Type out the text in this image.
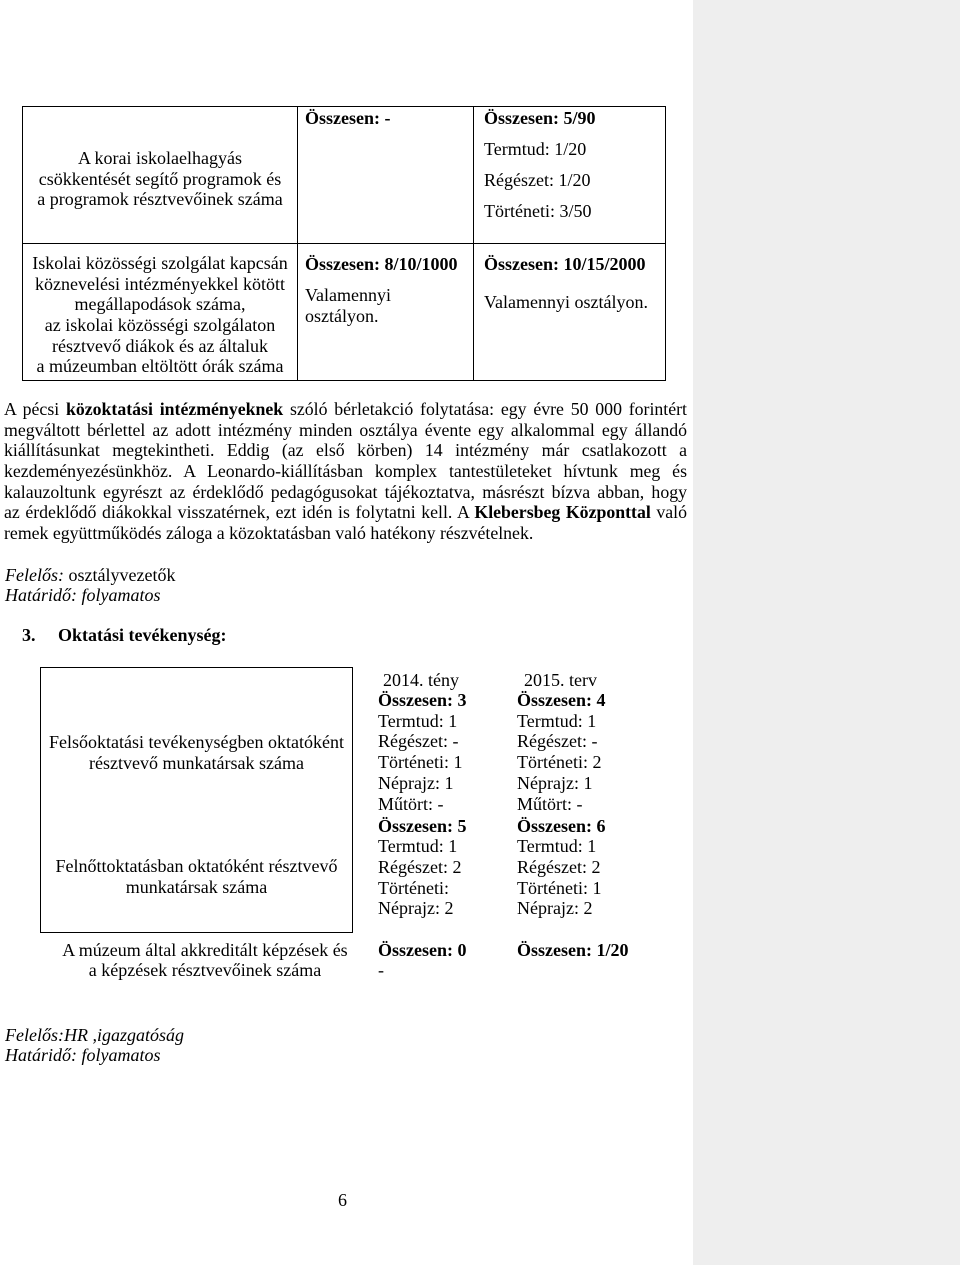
A korai iskolaelhagyás
csökkentését segítő programok és
a programok résztvevőinek száma
Összesen: -	Összesen: 5/90
Termtud: 1/20
Régészet: 1/20
Történeti: 3/50
Iskolai közösségi szolgálat kapcsán
köznevelési intézményekkel kötött
megállapodások száma,
az iskolai közösségi szolgálaton
résztvevő diákok és az általuk
a múzeumban eltöltött órák száma
Összesen: 8/10/1000
Valamennyi
osztályon.
Összesen: 10/15/2000
Valamennyi osztályon.
A pécsi közoktatási intézményeknek szóló bérletakció folytatása: egy évre 50 000 forintért
megváltott bérlettel az adott intézmény minden osztálya évente egy alkalommal egy állandó
kiállításunkat megtekintheti. Eddig (az első körben) 14 intézmény már csatlakozott a
kezdeményezésünkhöz. A Leonardo-kiállításban komplex tantestületeket hívtunk meg és
kalauzoltunk egyrészt az érdeklődő pedagógusokat tájékoztatva, másrészt bízva abban, hogy
az érdeklődő diákokkal visszatérnek, ezt idén is folytatni kell. A Klebersbeg Központtal való
remek együttműködés záloga a közoktatásban való hatékony részvételnek.
Felelős: osztályvezetők
Határidő: folyamatos
3. Oktatási tevékenység:
2014. tény	2015. terv
Felsőoktatási tevékenységben oktatóként
résztvevő munkatársak száma
Összesen: 3
Termtud: 1
Régészet: -
Történeti: 1
Néprajz: 1
Műtört: -
Összesen: 4
Termtud: 1
Régészet: -
Történeti: 2
Néprajz: 1
Műtört: -
Felnőttoktatásban oktatóként résztvevő
munkatársak száma
Összesen: 5
Termtud: 1
Régészet: 2
Történeti:
Néprajz: 2
Összesen: 6
Termtud: 1
Régészet: 2
Történeti: 1
Néprajz: 2
A múzeum által akkreditált képzések és
a képzések résztvevőinek száma
Összesen: 0
-
Összesen: 1/20
Felelős:HR ,igazgatóság
Határidő: folyamatos
6
